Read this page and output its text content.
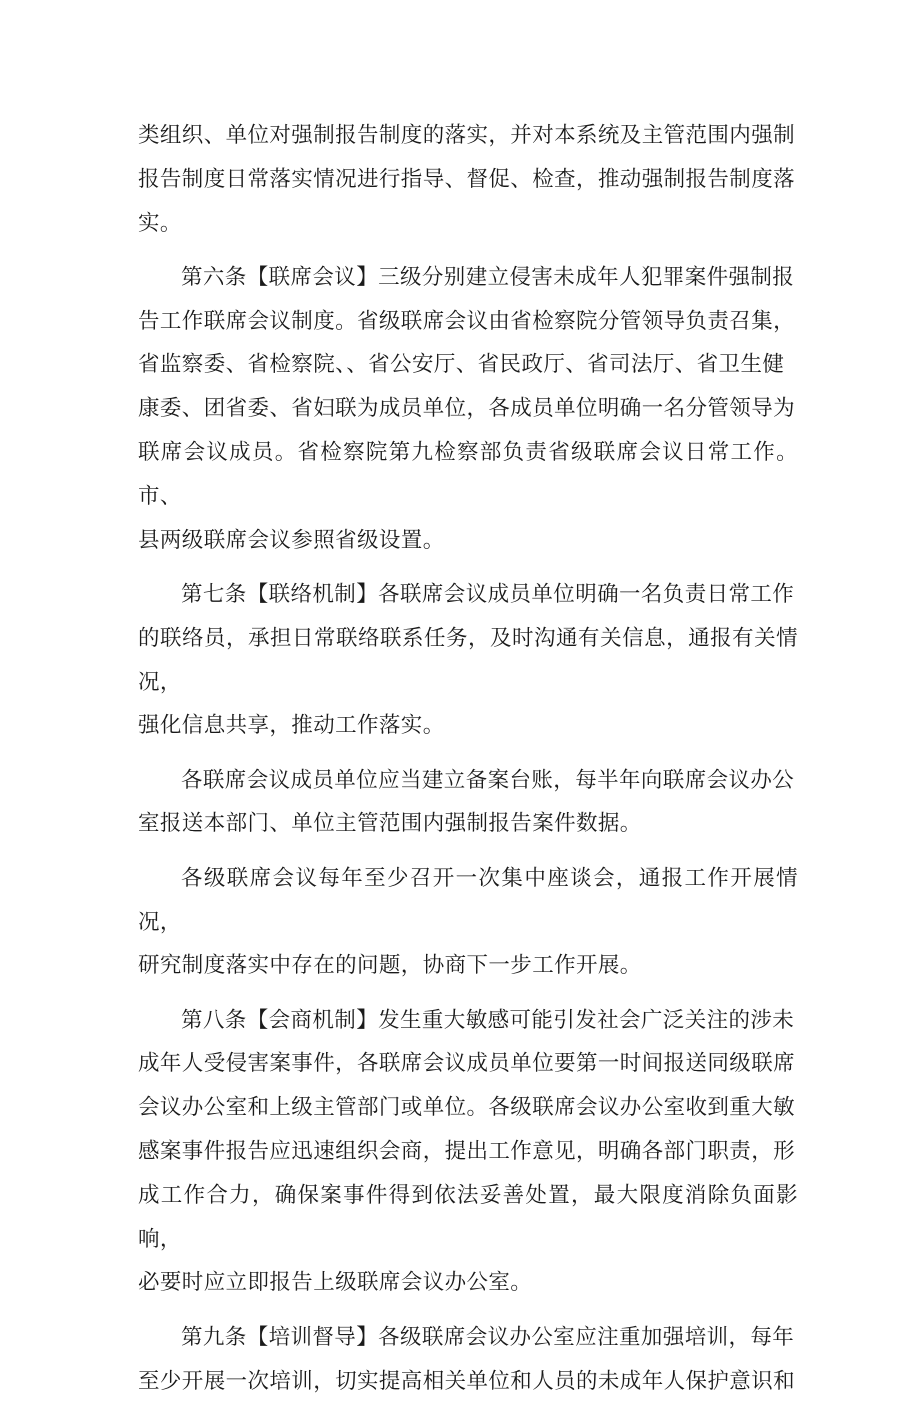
类组织、单位对强制报告制度的落实，并对本系统及主管范围内强制
报告制度日常落实情况进行指导、督促、检查，推动强制报告制度落
实。

第六条【联席会议】三级分别建立侵害未成年人犯罪案件强制报
告工作联席会议制度。省级联席会议由省检察院分管领导负责召集，
省监察委、省检察院、、省公安厅、省民政厅、省司法厅、省卫生健
康委、团省委、省妇联为成员单位，各成员单位明确一名分管领导为
联席会议成员。省检察院第九检察部负责省级联席会议日常工作。市、
县两级联席会议参照省级设置。

第七条【联络机制】各联席会议成员单位明确一名负责日常工作
的联络员，承担日常联络联系任务，及时沟通有关信息，通报有关情况，
强化信息共享，推动工作落实。

各联席会议成员单位应当建立备案台账，每半年向联席会议办公
室报送本部门、单位主管范围内强制报告案件数据。

各级联席会议每年至少召开一次集中座谈会，通报工作开展情况，
研究制度落实中存在的问题，协商下一步工作开展。

第八条【会商机制】发生重大敏感可能引发社会广泛关注的涉未
成年人受侵害案事件，各联席会议成员单位要第一时间报送同级联席
会议办公室和上级主管部门或单位。各级联席会议办公室收到重大敏
感案事件报告应迅速组织会商，提出工作意见，明确各部门职责，形
成工作合力，确保案事件得到依法妥善处置，最大限度消除负面影响，
必要时应立即报告上级联席会议办公室。

第九条【培训督导】各级联席会议办公室应注重加强培训，每年
至少开展一次培训，切实提高相关单位和人员的未成年人保护意识和
